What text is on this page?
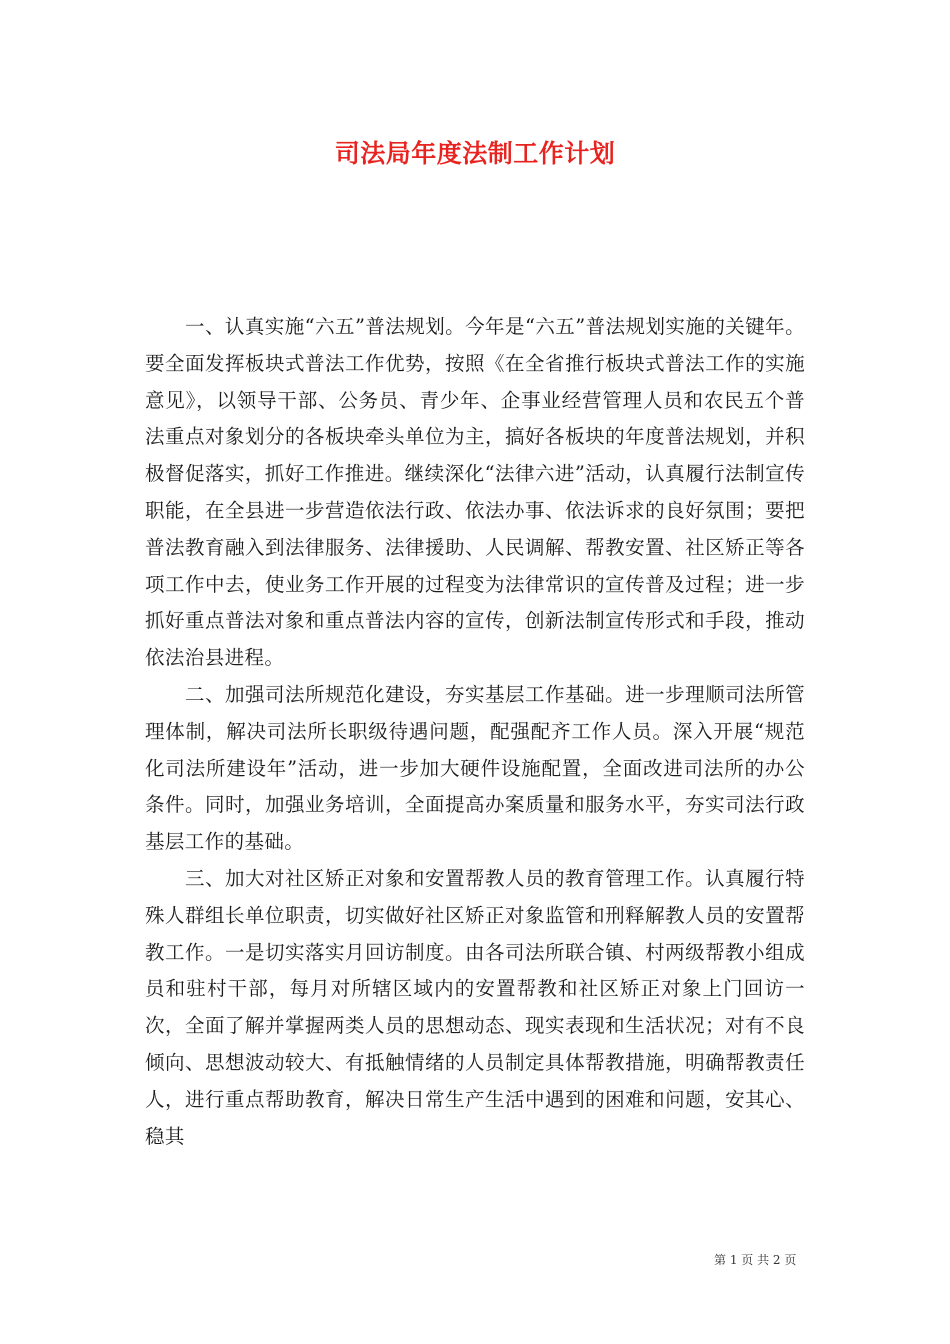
司法局年度法制工作计划

一、认真实施“六五”普法规划。今年是“六五”普法规划实施的关键年。要全面发挥板块式普法工作优势，按照《在全省推行板块式普法工作的实施意见》，以领导干部、公务员、青少年、企事业经营管理人员和农民五个普法重点对象划分的各板块牵头单位为主，搞好各板块的年度普法规划，并积极督促落实，抓好工作推进。继续深化“法律六进”活动，认真履行法制宣传职能，在全县进一步营造依法行政、依法办事、依法诉求的良好氛围；要把普法教育融入到法律服务、法律援助、人民调解、帮教安置、社区矫正等各项工作中去，使业务工作开展的过程变为法律常识的宣传普及过程；进一步抓好重点普法对象和重点普法内容的宣传，创新法制宣传形式和手段，推动依法治县进程。

二、加强司法所规范化建设，夯实基层工作基础。进一步理顺司法所管理体制，解决司法所长职级待遇问题，配强配齐工作人员。深入开展“规范化司法所建设年”活动，进一步加大硬件设施配置，全面改进司法所的办公条件。同时，加强业务培训，全面提高办案质量和服务水平，夯实司法行政基层工作的基础。

三、加大对社区矫正对象和安置帮教人员的教育管理工作。认真履行特殊人群组长单位职责，切实做好社区矫正对象监管和刑释解教人员的安置帮教工作。一是切实落实月回访制度。由各司法所联合镇、村两级帮教小组成员和驻村干部，每月对所辖区域内的安置帮教和社区矫正对象上门回访一次，全面了解并掌握两类人员的思想动态、现实表现和生活状况；对有不良倾向、思想波动较大、有抵触情绪的人员制定具体帮教措施，明确帮教责任人，进行重点帮助教育，解决日常生产生活中遇到的困难和问题，安其心、稳其

第 1 页 共 2 页
